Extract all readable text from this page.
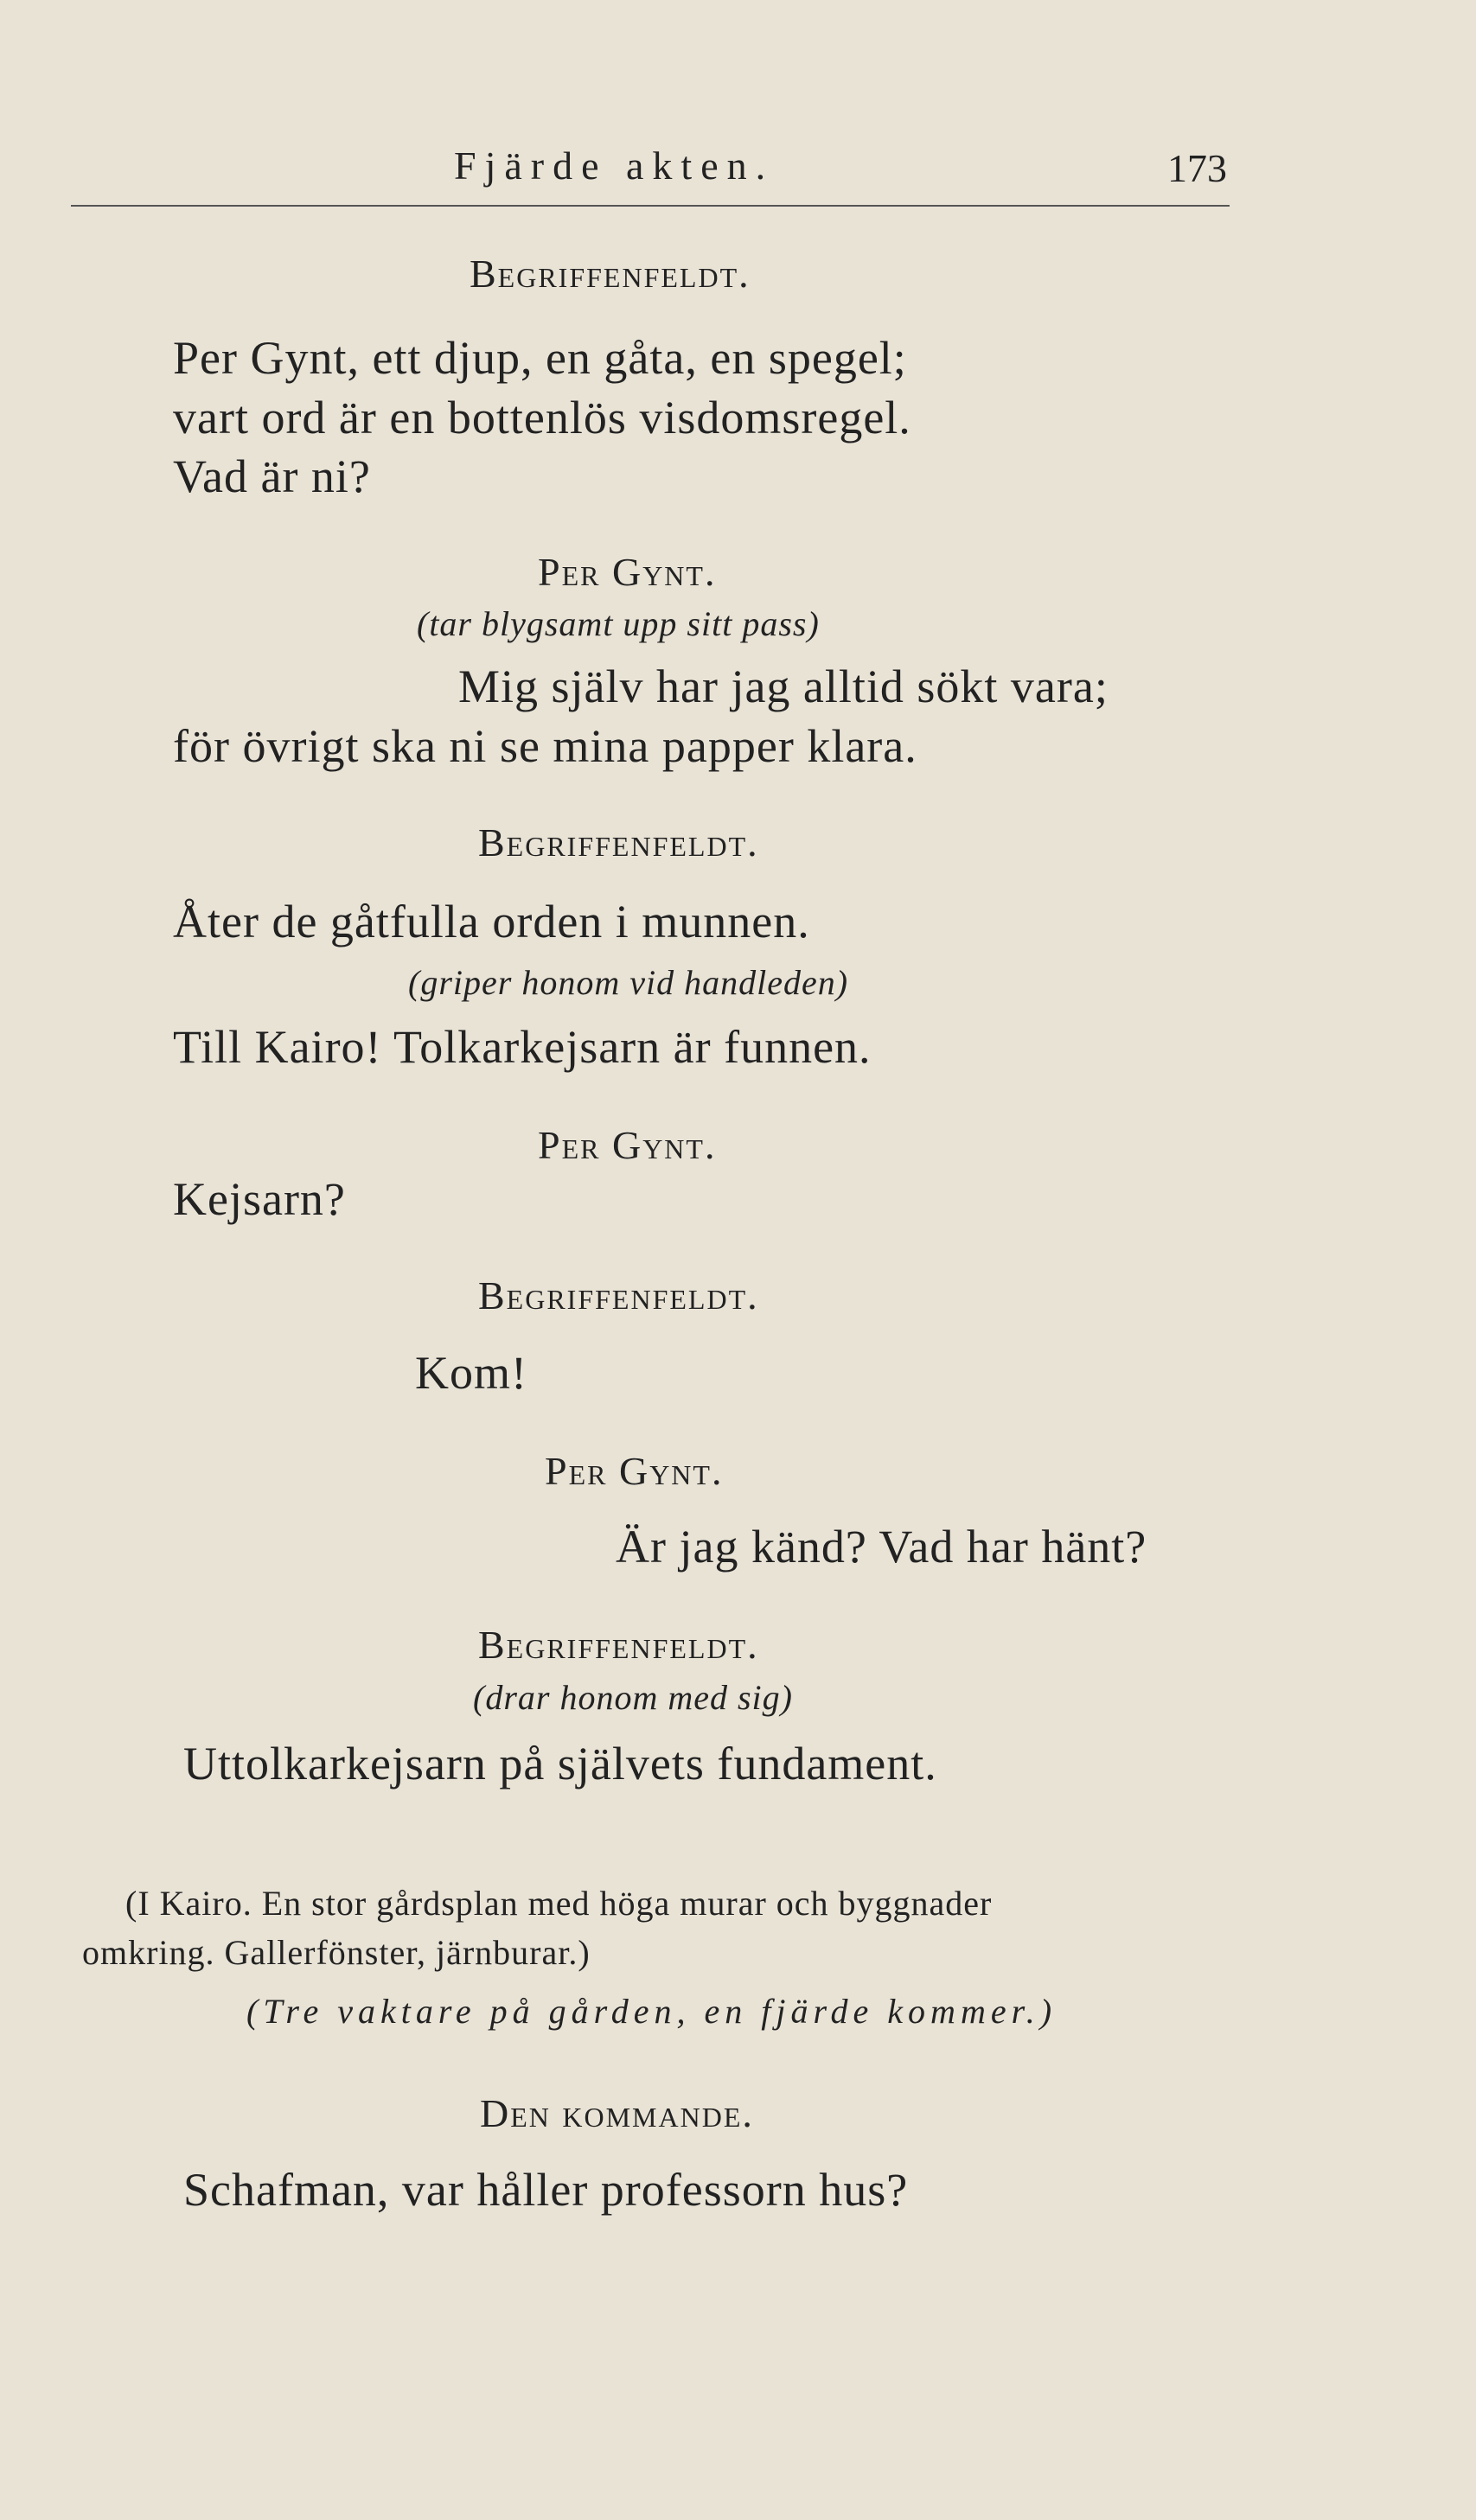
Fjärde akten.	173
Begriffenfeldt.
Per Gynt, ett djup, en gåta, en spegel;
vart ord är en bottenlös visdomsregel.
Vad är ni?
Per Gynt.
(tar blygsamt upp sitt pass)
Mig själv har jag alltid sökt vara;
för övrigt ska ni se mina papper klara.
Begriffenfeldt.
Åter de gåtfulla orden i munnen.
(griper honom vid handleden)
Till Kairo! Tolkarkejsarn är funnen.
Per Gynt.
Kejsarn?
Begriffenfeldt.
Kom!
Per Gynt.
Är jag känd? Vad har hänt?
Begriffenfeldt.
(drar honom med sig)
Uttolkarkejsarn på självets fundament.
(I Kairo. En stor gårdsplan med höga murar och byggnader
omkring. Gallerfönster, järnburar.)
(Tre vaktare på gården, en fjärde kommer.)
Den kommande.
Schafman, var håller professorn hus?
